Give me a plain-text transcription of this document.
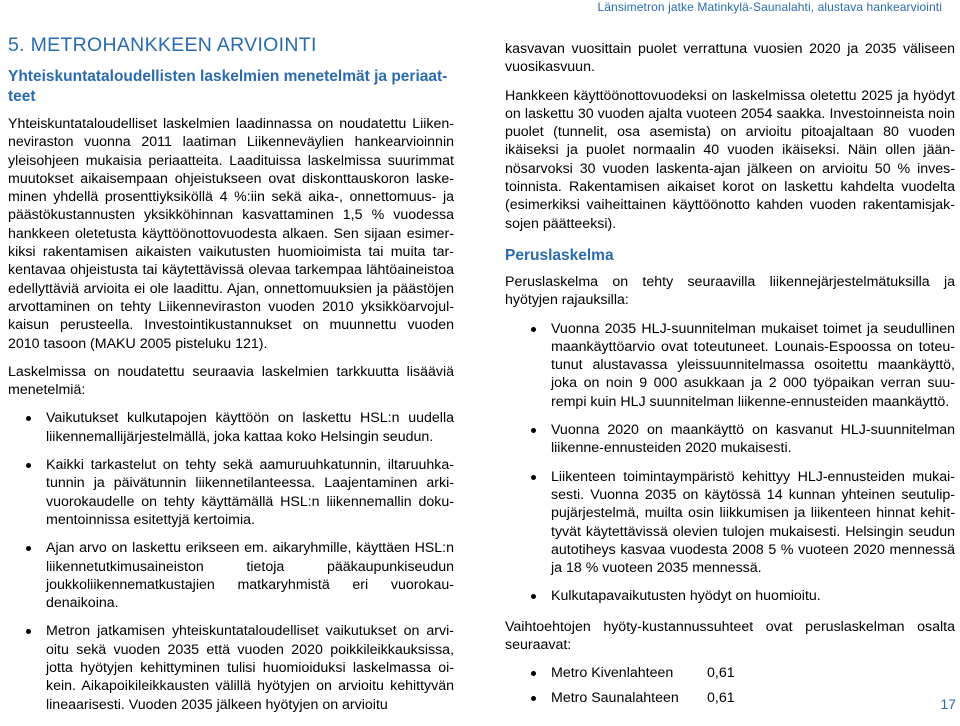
Länsimetron jatke Matinkylä-Saunalahti, alustava hankearviointi
5. METROHANKKEEN ARVIOINTI
Yhteiskuntataloudellisten laskelmien menetelmät ja periaatteet

Yhteiskuntataloudelliset laskelmien laadinnassa on noudatettu Liikenneviraston vuonna 2011 laatiman Liikenneväylien hankearvioinnin yleisohjeen mukaisia periaatteita. Laadituissa laskelmissa suurimmat muutokset aikaisempaan ohjeistukseen ovat diskonttauskoron laskeminen yhdellä prosenttiyksiköllä 4 %:iin sekä aika-, onnettomuus- ja päästökustannusten yksikköhinnan kasvattaminen 1,5 % vuodessa hankkeen oletetusta käyttöönottovuodesta alkaen. Sen sijaan esimerkiksi rakentamisen aikaisten vaikutusten huomioimista tai muita tarkentavaa ohjeistusta tai käytettävissä olevaa tarkempaa lähtöaineistoa edellyttäviä arvioita ei ole laadittu. Ajan, onnettomuuksien ja päästöjen arvottaminen on tehty Liikenneviraston vuoden 2010 yksikköarvojulkaisun perusteella. Investointikustannukset on muunnettu vuoden 2010 tasoon (MAKU 2005 pisteluku 121).

Laskelmissa on noudatettu seuraavia laskelmien tarkkuutta lisääviä menetelmiä:

Vaikutukset kulkutapojen käyttöön on laskettu HSL:n uudella liikennemallijärjestelmällä, joka kattaa koko Helsingin seudun.
Kaikki tarkastelut on tehty sekä aamuruuhkatunnin, iltaruuhkatunnin ja päivätunnin liikennetilanteessa. Laajentaminen arkivuorokaudelle on tehty käyttämällä HSL:n liikennemallin dokumentoinnissa esitettyjä kertoimia.
Ajan arvo on laskettu erikseen em. aikaryhmille, käyttäen HSL:n liikennetutkimusaineiston tietoja pääkaupunkiseudun joukkoliikennematkustajien matkaryhmistä eri vuorokaudenaikoina.
Metron jatkamisen yhteiskuntataloudelliset vaikutukset on arvioitu sekä vuoden 2035 että vuoden 2020 poikkileikkauksissa, jotta hyötyjen kehittyminen tulisi huomioiduksi laskelmassa oikein. Aikapoikileikkausten välillä hyötyjen on arvioitu kehittyvän lineaarisesti. Vuoden 2035 jälkeen hyötyjen on arvioitu

kasvavan vuosittain puolet verrattuna vuosien 2020 ja 2035 väliseen vuosikasvuun.

Hankkeen käyttöönottovuodeksi on laskelmissa oletettu 2025 ja hyödyt on laskettu 30 vuoden ajalta vuoteen 2054 saakka. Investoinneista noin puolet (tunnelit, osa asemista) on arvioitu pitoajaltaan 80 vuoden ikäiseksi ja puolet normaalin 40 vuoden ikäiseksi. Näin ollen jäännösarvoksi 30 vuoden laskenta-ajan jälkeen on arvioitu 50 % investoinnista. Rakentamisen aikaiset korot on laskettu kahdelta vuodelta (esimerkiksi vaiheittainen käyttöönotto kahden vuoden rakentamisjaksojen päätteeksi).

Peruslaskelma

Peruslaskelma on tehty seuraavilla liikennejärjestelmätuksilla ja hyötyjen rajauksilla:

Vuonna 2035 HLJ-suunnitelman mukaiset toimet ja seudullinen maankäyttöarvio ovat toteutuneet. Lounais-Espoossa on toteutunut alustavassa yleissuunnitelmassa osoitettu maankäyttö, joka on noin 9 000 asukkaan ja 2 000 työpaikan verran suurempi kuin HLJ suunnitelman liikenne-ennusteiden maankäyttö.
Vuonna 2020 on maankäyttö on kasvanut HLJ-suunnitelman liikenne-ennusteiden 2020 mukaisesti.
Liikenteen toimintaympäristö kehittyy HLJ-ennusteiden mukaisesti. Vuonna 2035 on käytössä 14 kunnan yhteinen seutulippujärjestelmä, muilta osin liikkumisen ja liikenteen hinnat kehittyvät käytettävissä olevien tulojen mukaisesti. Helsingin seudun autotiheys kasvaa vuodesta 2008 5 % vuoteen 2020 mennessä ja 18 % vuoteen 2035 mennessä.
Kulkutapavaikutusten hyödyt on huomioitu.

Vaihtoehtojen hyöty-kustannussuhteet ovat peruslaskelman osalta seuraavat:

Metro Kivenlahteen 0,61
Metro Saunalahteen 0,61	17
